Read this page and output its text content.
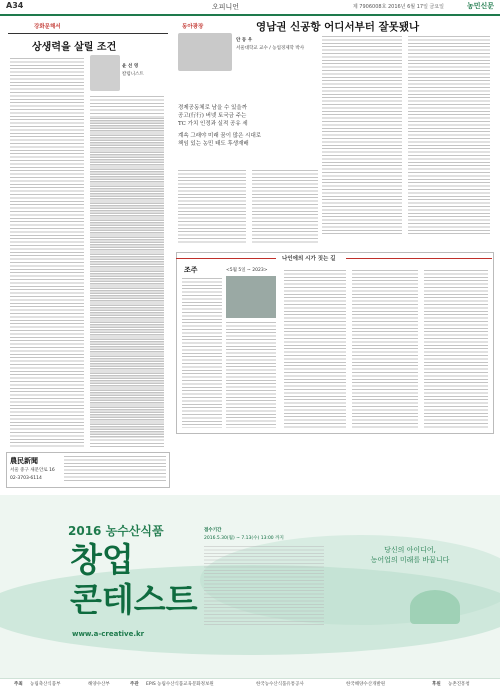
A34	오피니언	제 7906008호 2016년 6월 17일 금요일	농민신문
강화문해서
상생력을 살릴 조건
윤 선 영
칼럼니스트
동아광장
안 동 우
서울대학교 교수 / 농업경제학 박사
경제공동체로 남을 수 있을까
공고(行行) 버넷 토국금 주는
TC 가치 인정과 실적 공유 세
계속 그래야 미래 꿈이 많은 시대로
책임 있는 농민 태도 후생재배
영남권 신공항 어디서부터 잘못됐나
나인에의 시가 짓는 길
조주	<5월 5일 ~ 2023>
農民新聞
서울 중구 새문안로 16
02-3703-6114
2016 농수산식품
창업
콘테스트
www.a-creative.kr
접수기간
2016.5.30(월) ~ 7.13(수) 13:00 까지
당신의 아이디어,
농어업의 미래를 바꿉니다
주최 농림축산식품부	해양수산부	주관 EPIS 농림수산식품교육문화정보원	한국농수산식품유통공사	한국해양수산개발원	후원 농촌진흥청
